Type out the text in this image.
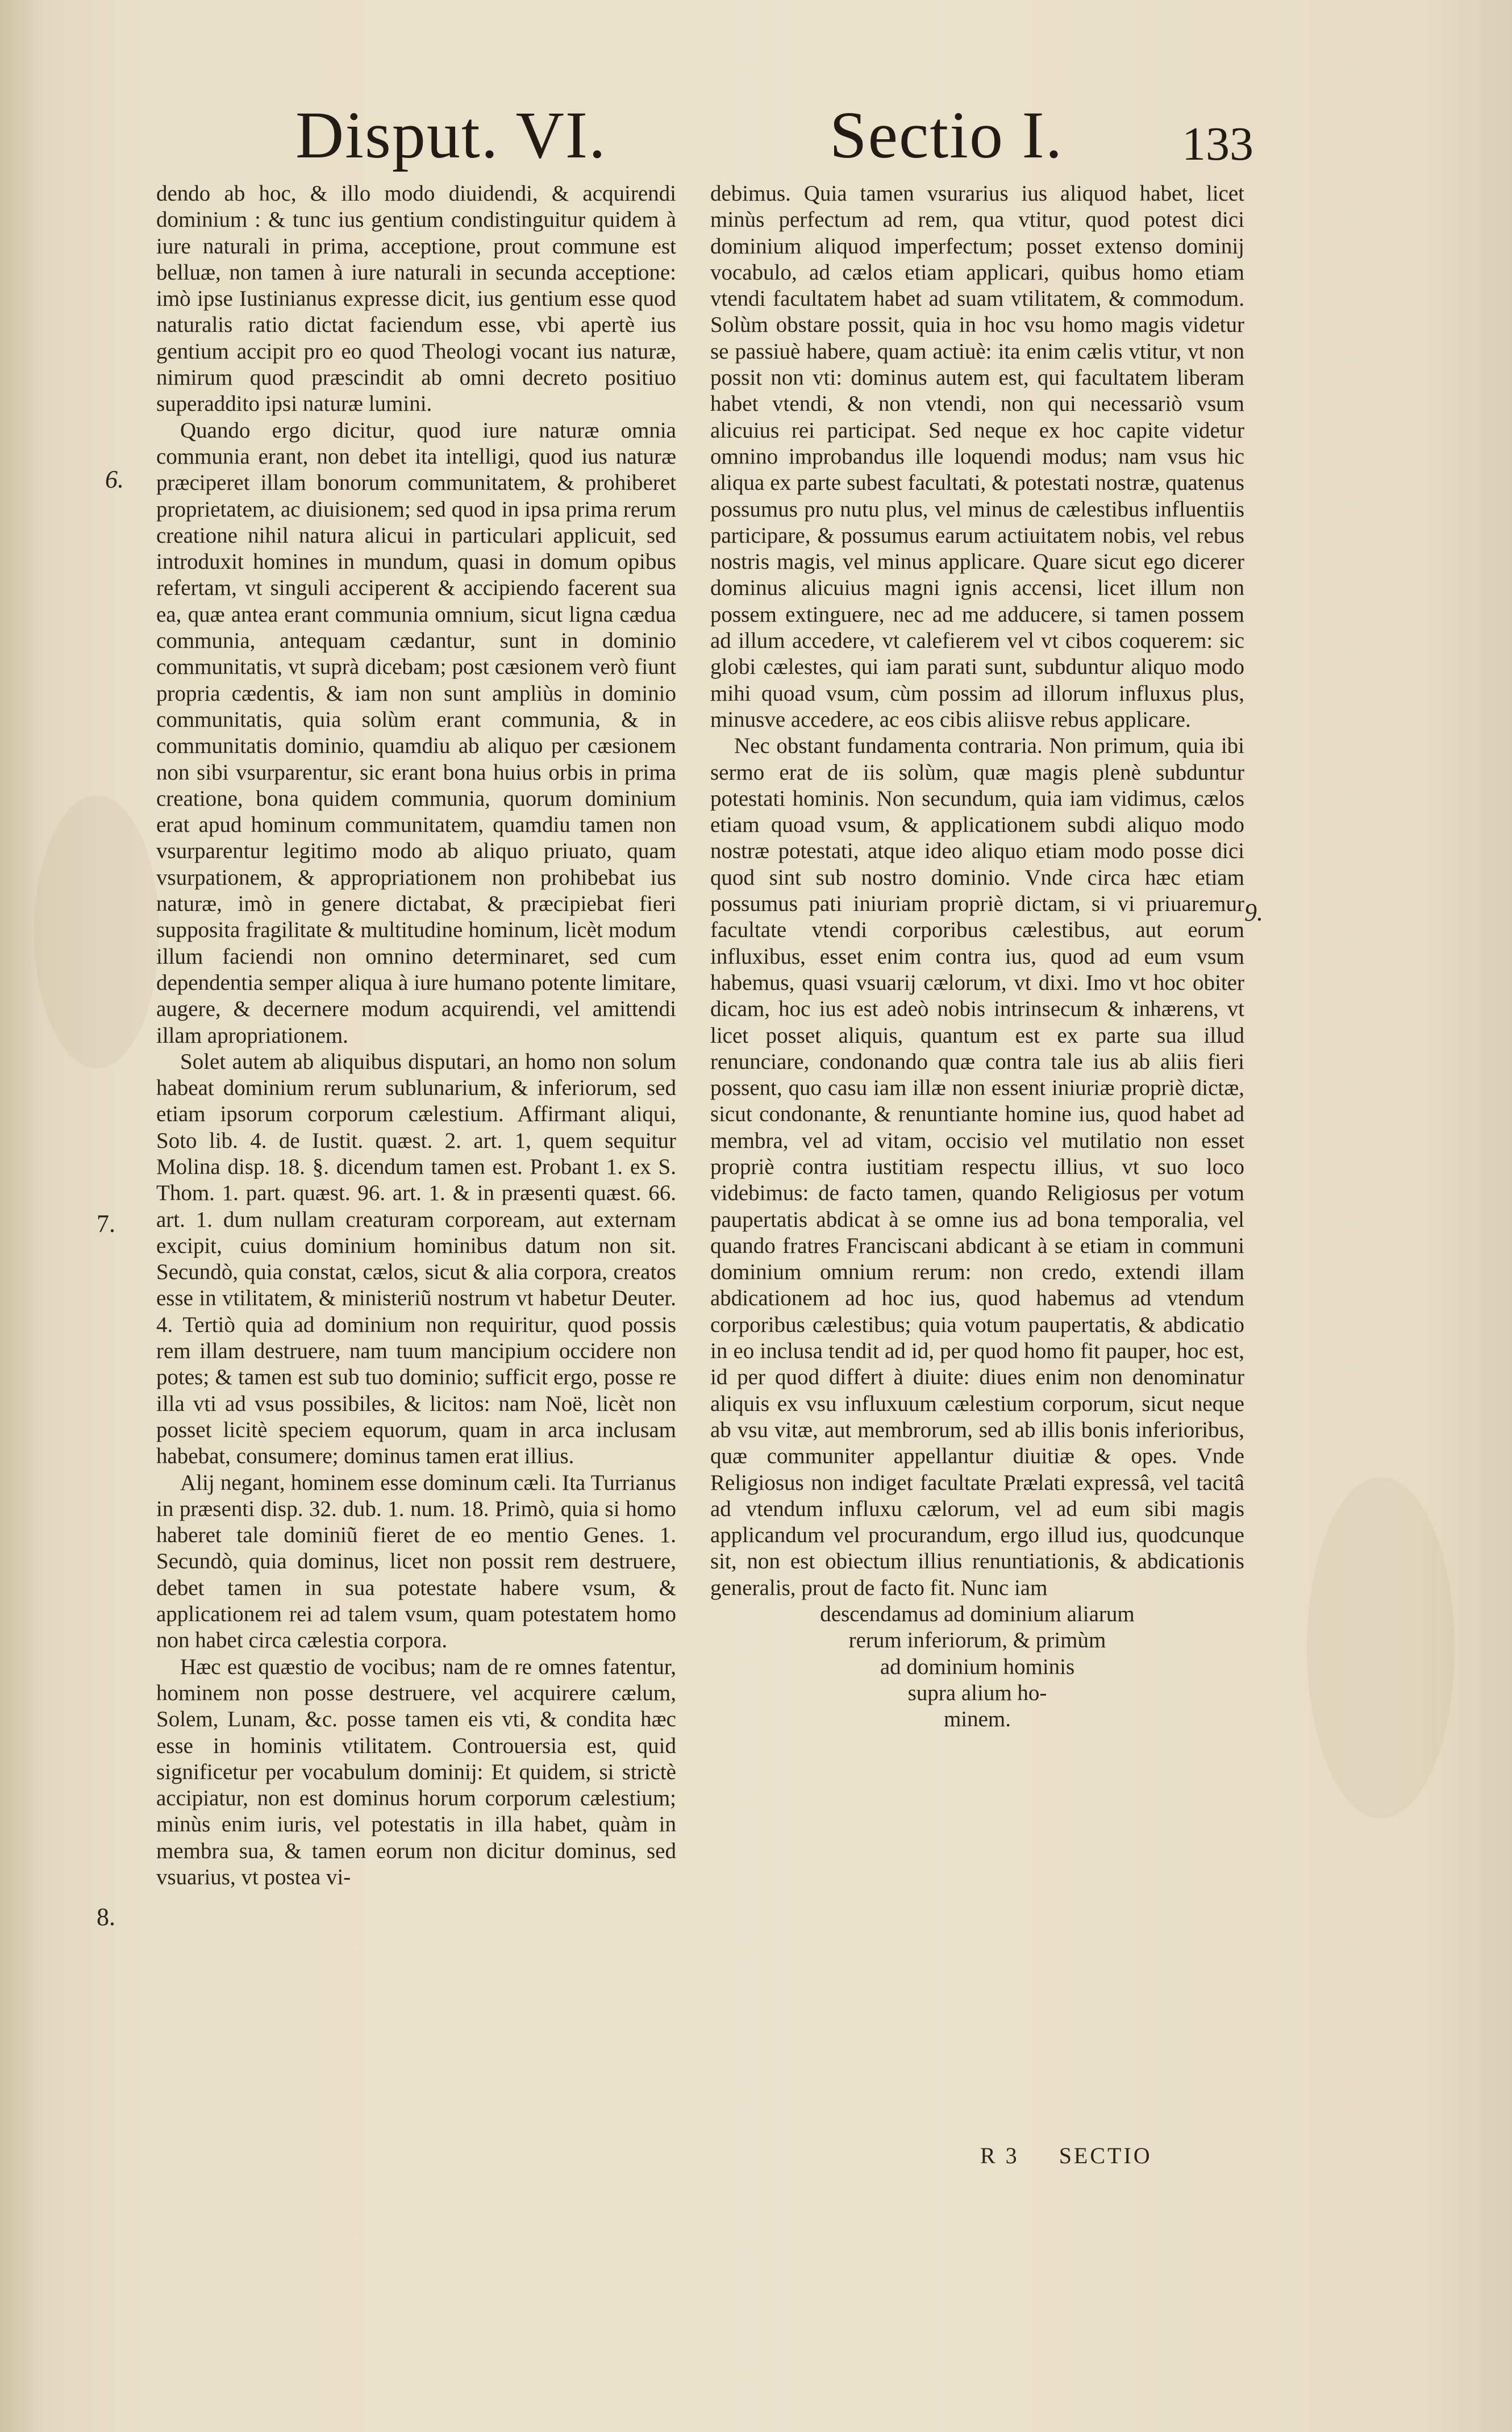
Disput. VI.	Sectio I. 133
6.
7.
8.
9.

dendo ab hoc, & illo modo diuidendi, & acquirendi dominium : & tunc ius gentium condistinguitur quidem à iure naturali in prima, acceptione, prout commune est belluæ, non tamen à iure naturali in secunda acceptione: imò ipse Iustinianus expresse dicit, ius gentium esse quod naturalis ratio dictat faciendum esse, vbi apertè ius gentium accipit pro eo quod Theologi vocant ius naturæ, nimirum quod præscindit ab omni decreto positiuo superaddito ipsi naturæ lumini.

Quando ergo dicitur, quod iure naturæ omnia communia erant, non debet ita intelligi, quod ius naturæ præciperet illam bonorum communitatem, & prohiberet proprietatem, ac diuisionem; sed quod in ipsa prima rerum creatione nihil natura alicui in particulari applicuit, sed introduxit homines in mundum, quasi in domum opibus refertam, vt singuli acciperent & accipiendo facerent sua ea, quæ antea erant communia omnium, sicut ligna cædua communia, antequam cædantur, sunt in dominio communitatis, vt suprà dicebam; post cæsionem verò fiunt propria cædentis, & iam non sunt ampliùs in dominio communitatis, quia solùm erant communia, & in communitatis dominio, quamdiu ab aliquo per cæsionem non sibi vsurparentur, sic erant bona huius orbis in prima creatione, bona quidem communia, quorum dominium erat apud hominum communitatem, quamdiu tamen non vsurparentur legitimo modo ab aliquo priuato, quam vsurpationem, & appropriationem non prohibebat ius naturæ, imò in genere dictabat, & præcipiebat fieri supposita fragilitate & multitudine hominum, licèt modum illum faciendi non omnino determinaret, sed cum dependentia semper aliqua à iure humano potente limitare, augere, & decernere modum acquirendi, vel amittendi illam apropriationem.

Solet autem ab aliquibus disputari, an homo non solum habeat dominium rerum sublunarium, & inferiorum, sed etiam ipsorum corporum cælestium. Affirmant aliqui, Soto lib. 4. de Iustit. quæst. 2. art. 1, quem sequitur Molina disp. 18. §. dicendum tamen est. Probant 1. ex S. Thom. 1. part. quæst. 96. art. 1. & in præsenti quæst. 66. art. 1. dum nullam creaturam corpoream, aut externam excipit, cuius dominium hominibus datum non sit. Secundò, quia constat, cælos, sicut & alia corpora, creatos esse in vtilitatem, & ministeriũ nostrum vt habetur Deuter. 4. Tertiò quia ad dominium non requiritur, quod possis rem illam destruere, nam tuum mancipium occidere non potes; & tamen est sub tuo dominio; sufficit ergo, posse re illa vti ad vsus possibiles, & licitos: nam Noë, licèt non posset licitè speciem equorum, quam in arca inclusam habebat, consumere; dominus tamen erat illius.

Alij negant, hominem esse dominum cæli. Ita Turrianus in præsenti disp. 32. dub. 1. num. 18. Primò, quia si homo haberet tale dominiũ fieret de eo mentio Genes. 1. Secundò, quia dominus, licet non possit rem destruere, debet tamen in sua potestate habere vsum, & applicationem rei ad talem vsum, quam potestatem homo non habet circa cælestia corpora.

Hæc est quæstio de vocibus; nam de re omnes fatentur, hominem non posse destruere, vel acquirere cælum, Solem, Lunam, &c. posse tamen eis vti, & condita hæc esse in hominis vtilitatem. Controuersia est, quid significetur per vocabulum dominij: Et quidem, si strictè accipiatur, non est dominus horum corporum cælestium; minùs enim iuris, vel potestatis in illa habet, quàm in membra sua, & tamen eorum non dicitur dominus, sed vsuarius, vt postea vi-

debimus. Quia tamen vsurarius ius aliquod habet, licet minùs perfectum ad rem, qua vtitur, quod potest dici dominium aliquod imperfectum; posset extenso dominij vocabulo, ad cælos etiam applicari, quibus homo etiam vtendi facultatem habet ad suam vtilitatem, & commodum. Solùm obstare possit, quia in hoc vsu homo magis videtur se passiuè habere, quam actiuè: ita enim cælis vtitur, vt non possit non vti: dominus autem est, qui facultatem liberam habet vtendi, & non vtendi, non qui necessariò vsum alicuius rei participat. Sed neque ex hoc capite videtur omnino improbandus ille loquendi modus; nam vsus hic aliqua ex parte subest facultati, & potestati nostræ, quatenus possumus pro nutu plus, vel minus de cælestibus influentiis participare, & possumus earum actiuitatem nobis, vel rebus nostris magis, vel minus applicare. Quare sicut ego dicerer dominus alicuius magni ignis accensi, licet illum non possem extinguere, nec ad me adducere, si tamen possem ad illum accedere, vt calefierem vel vt cibos coquerem: sic globi cælestes, qui iam parati sunt, subduntur aliquo modo mihi quoad vsum, cùm possim ad illorum influxus plus, minusve accedere, ac eos cibis aliisve rebus applicare.

Nec obstant fundamenta contraria. Non primum, quia ibi sermo erat de iis solùm, quæ magis plenè subduntur potestati hominis. Non secundum, quia iam vidimus, cælos etiam quoad vsum, & applicationem subdi aliquo modo nostræ potestati, atque ideo aliquo etiam modo posse dici quod sint sub nostro dominio. Vnde circa hæc etiam possumus pati iniuriam propriè dictam, si vi priuaremur facultate vtendi corporibus cælestibus, aut eorum influxibus, esset enim contra ius, quod ad eum vsum habemus, quasi vsuarij cælorum, vt dixi. Imo vt hoc obiter dicam, hoc ius est adeò nobis intrinsecum & inhærens, vt licet posset aliquis, quantum est ex parte sua illud renunciare, condonando quæ contra tale ius ab aliis fieri possent, quo casu iam illæ non essent iniuriæ propriè dictæ, sicut condonante, & renuntiante homine ius, quod habet ad membra, vel ad vitam, occisio vel mutilatio non esset propriè contra iustitiam respectu illius, vt suo loco videbimus: de facto tamen, quando Religiosus per votum paupertatis abdicat à se omne ius ad bona temporalia, vel quando fratres Franciscani abdicant à se etiam in communi dominium omnium rerum: non credo, extendi illam abdicationem ad hoc ius, quod habemus ad vtendum corporibus cælestibus; quia votum paupertatis, & abdicatio in eo inclusa tendit ad id, per quod homo fit pauper, hoc est, id per quod differt à diuite: diues enim non denominatur aliquis ex vsu influxuum cælestium corporum, sicut neque ab vsu vitæ, aut membrorum, sed ab illis bonis inferioribus, quæ communiter appellantur diuitiæ & opes. Vnde Religiosus non indiget facultate Prælati expressâ, vel tacitâ ad vtendum influxu cælorum, vel ad eum sibi magis applicandum vel procurandum, ergo illud ius, quodcunque sit, non est obiectum illius renuntiationis, & abdicationis generalis, prout de facto fit. Nunc iam

descendamus ad dominium aliarum

rerum inferiorum, & primùm

ad dominium hominis

supra alium ho-

minem.

R 3 SECTIO
